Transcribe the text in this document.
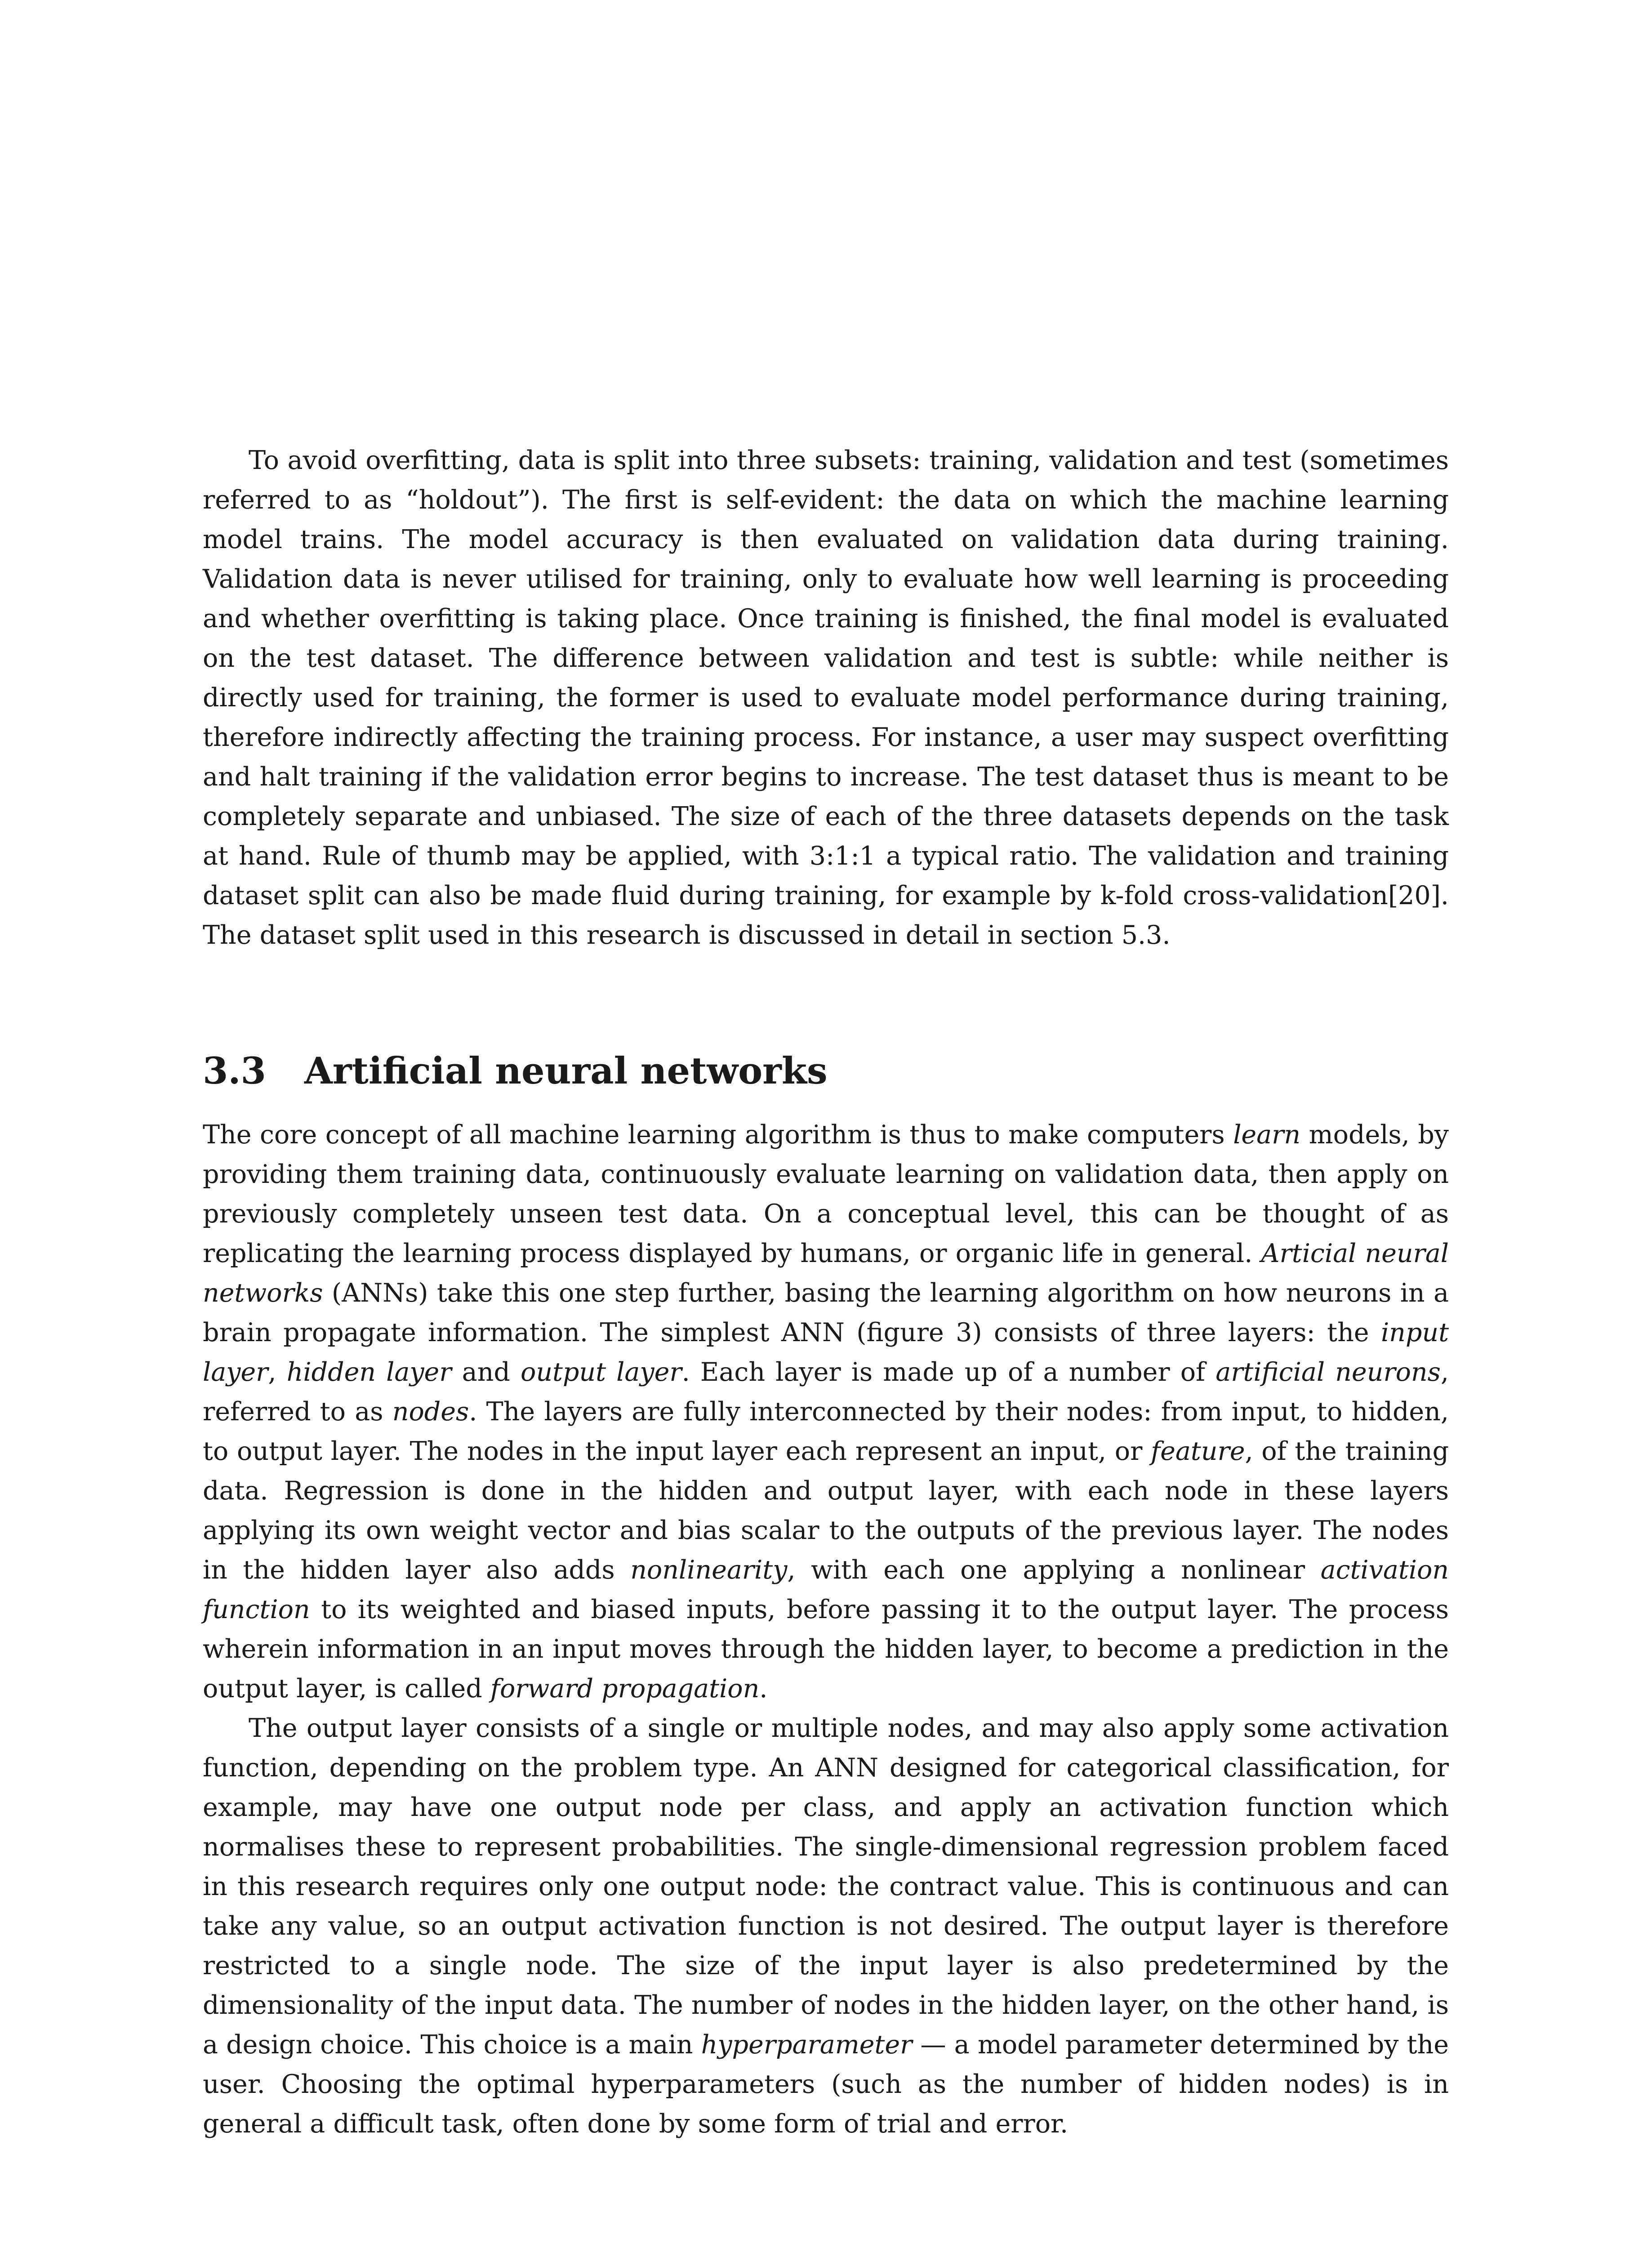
To avoid overfitting, data is split into three subsets: training, validation and test (sometimes referred to as “holdout”). The first is self-evident: the data on which the machine learning model trains. The model accuracy is then evaluated on validation data during training. Validation data is never utilised for training, only to evaluate how well learning is proceeding and whether overfitting is taking place. Once training is finished, the final model is evaluated on the test dataset. The difference between validation and test is subtle: while neither is directly used for training, the former is used to evaluate model performance during training, therefore indirectly affecting the training process. For instance, a user may suspect overfitting and halt training if the validation error begins to increase. The test dataset thus is meant to be completely separate and unbiased. The size of each of the three datasets depends on the task at hand. Rule of thumb may be applied, with 3:1:1 a typical ratio. The validation and training dataset split can also be made fluid during training, for example by k-fold cross-validation[20]. The dataset split used in this research is discussed in detail in section 5.3.

3.3 Artificial neural networks

The core concept of all machine learning algorithm is thus to make computers learn models, by providing them training data, continuously evaluate learning on validation data, then apply on previously completely unseen test data. On a conceptual level, this can be thought of as replicating the learning process displayed by humans, or organic life in general. Articial neural networks (ANNs) take this one step further, basing the learning algorithm on how neurons in a brain propagate information. The simplest ANN (figure 3) consists of three layers: the input layer, hidden layer and output layer. Each layer is made up of a number of artificial neurons, referred to as nodes. The layers are fully interconnected by their nodes: from input, to hidden, to output layer. The nodes in the input layer each represent an input, or feature, of the training data. Regression is done in the hidden and output layer, with each node in these layers applying its own weight vector and bias scalar to the outputs of the previous layer. The nodes in the hidden layer also adds nonlinearity, with each one applying a nonlinear activation function to its weighted and biased inputs, before passing it to the output layer. The process wherein information in an input moves through the hidden layer, to become a prediction in the output layer, is called forward propagation.

The output layer consists of a single or multiple nodes, and may also apply some activation function, depending on the problem type. An ANN designed for categorical classification, for example, may have one output node per class, and apply an activation function which normalises these to represent probabilities. The single-dimensional regression problem faced in this research requires only one output node: the contract value. This is continuous and can take any value, so an output activation function is not desired. The output layer is therefore restricted to a single node. The size of the input layer is also predetermined by the dimensionality of the input data. The number of nodes in the hidden layer, on the other hand, is a design choice. This choice is a main hyperparameter — a model parameter determined by the user. Choosing the optimal hyperparameters (such as the number of hidden nodes) is in general a difficult task, often done by some form of trial and error.
